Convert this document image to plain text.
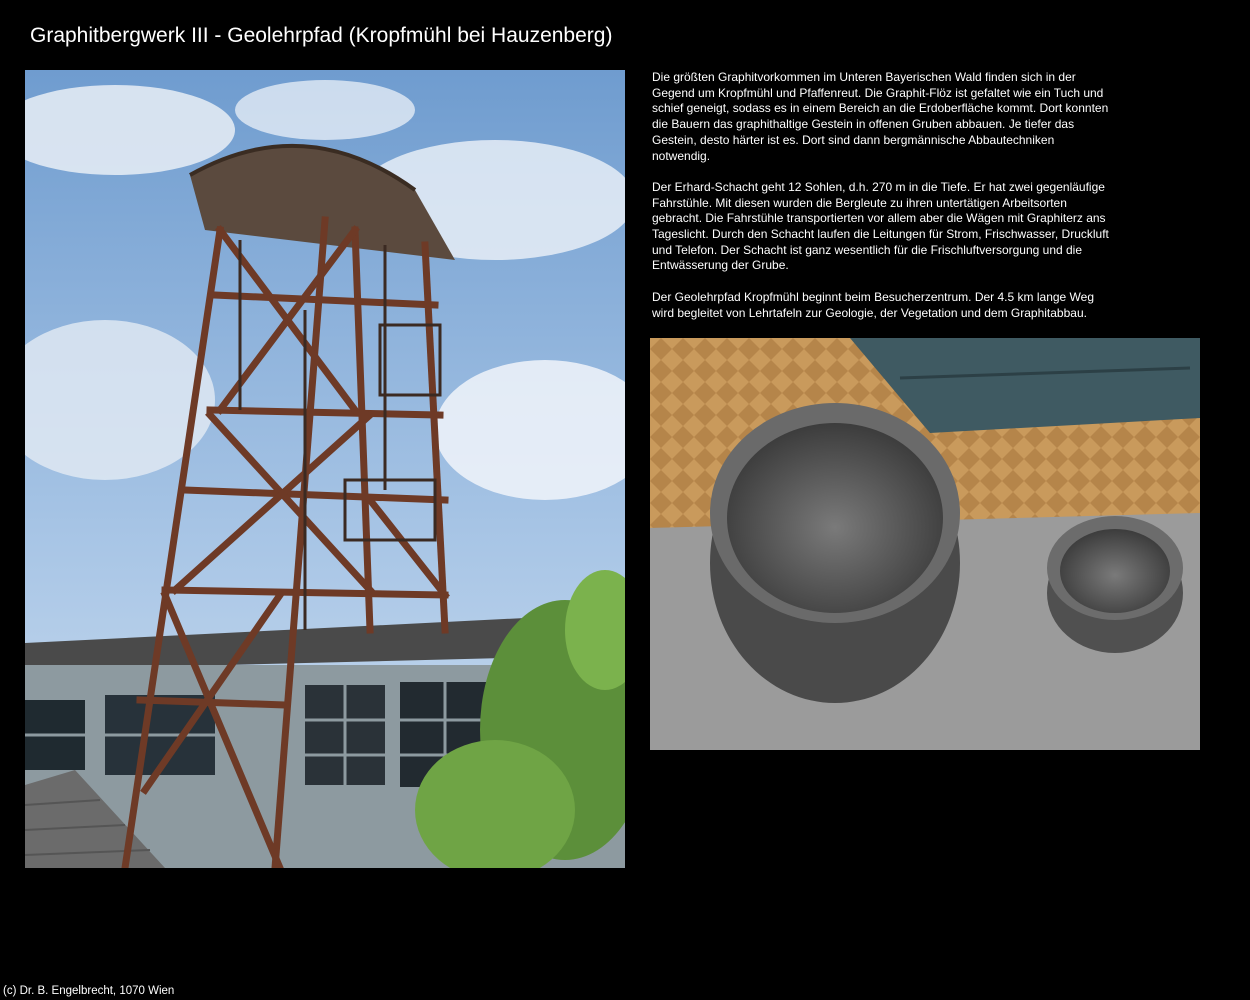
Graphitbergwerk III - Geolehrpfad (Kropfmühl bei Hauzenberg)

Die größten Graphitvorkommen im Unteren Bayerischen Wald finden sich in der Gegend um Kropfmühl und Pfaffenreut. Die Graphit-Flöz ist gefaltet wie ein Tuch und schief geneigt, sodass es in einem Bereich an die Erdoberfläche kommt. Dort konnten die Bauern das graphithaltige Gestein in offenen Gruben abbauen. Je tiefer das Gestein, desto härter ist es. Dort sind dann bergmännische Abbautechniken notwendig.

Der Erhard-Schacht geht 12 Sohlen, d.h. 270 m in die Tiefe. Er hat zwei gegenläufige Fahrstühle. Mit diesen wurden die Bergleute zu ihren untertätigen Arbeitsorten gebracht. Die Fahrstühle transportierten vor allem aber die Wägen mit Graphiterz ans Tageslicht. Durch den Schacht laufen die Leitungen für Strom, Frischwasser, Druckluft und Telefon. Der Schacht ist ganz wesentlich für die Frischluftversorgung und die Entwässerung der Grube.

Der Geolehrpfad Kropfmühl beginnt beim Besucherzentrum. Der 4.5 km lange Weg wird begleitet von Lehrtafeln zur Geologie, der Vegetation und dem Graphitabbau.

(c) Dr. B. Engelbrecht, 1070 Wien
